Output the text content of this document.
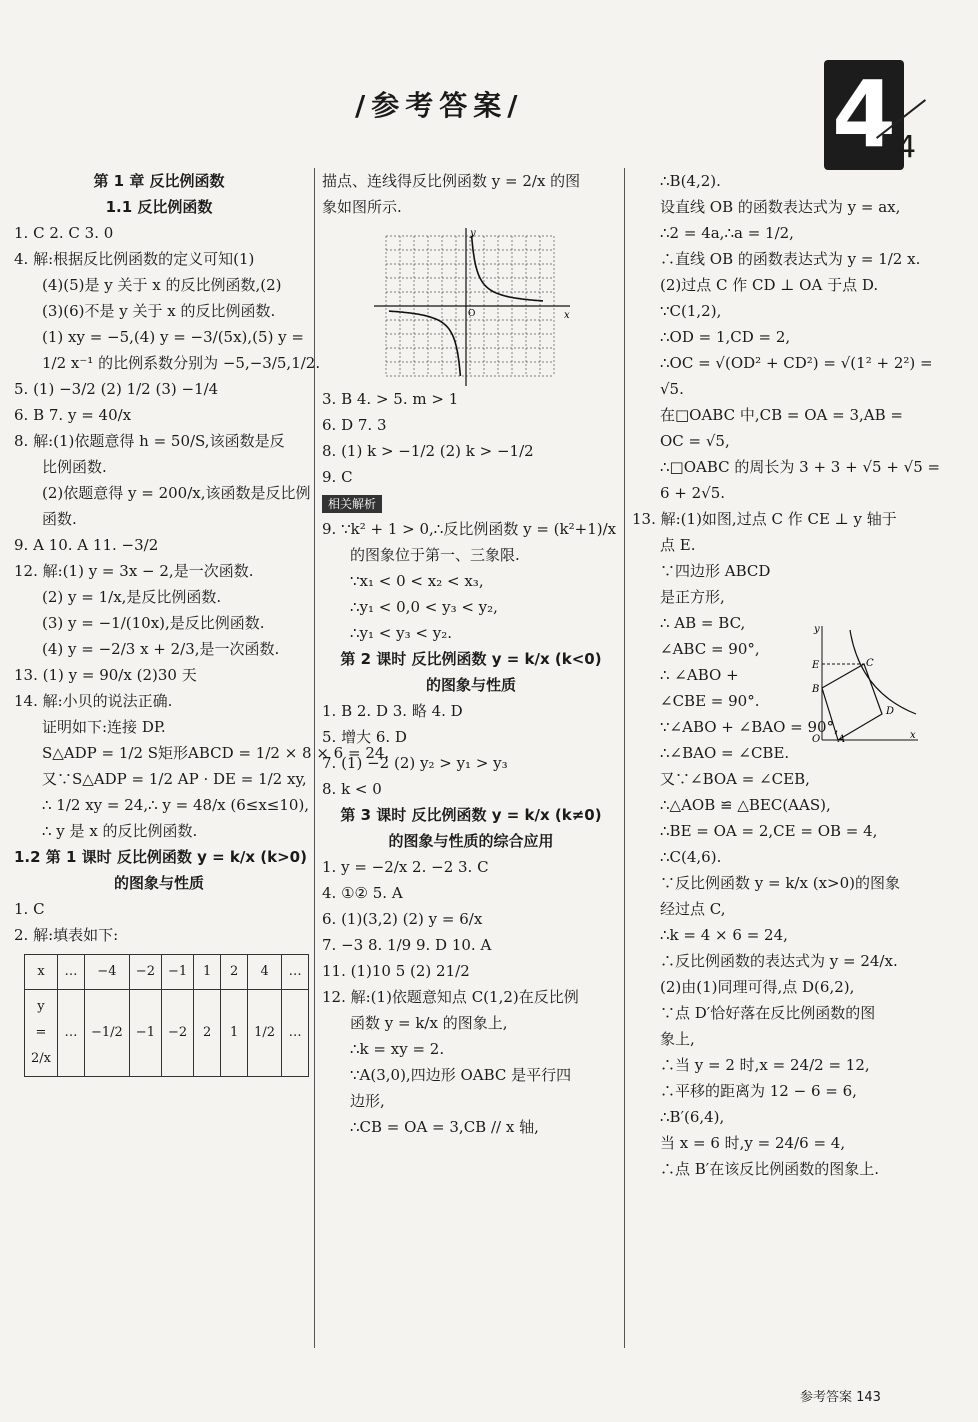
/参考答案/	4 4
第 1 章 反比例函数
1.1 反比例函数
1. C 2. C 3. 0
4. 解:根据反比例函数的定义可知(1)
(4)(5)是 y 关于 x 的反比例函数,(2)
(3)(6)不是 y 关于 x 的反比例函数.
(1) xy = −5,(4) y = −3/(5x),(5) y =
1/2 x⁻¹ 的比例系数分别为 −5,−3/5,1/2.
5. (1) −3/2 (2) 1/2 (3) −1/4
6. B 7. y = 40/x
8. 解:(1)依题意得 h = 50/S,该函数是反
比例函数.
(2)依题意得 y = 200/x,该函数是反比例
函数.
9. A 10. A 11. −3/2
12. 解:(1) y = 3x − 2,是一次函数.
(2) y = 1/x,是反比例函数.
(3) y = −1/(10x),是反比例函数.
(4) y = −2/3 x + 2/3,是一次函数.
13. (1) y = 90/x (2)30 天
14. 解:小贝的说法正确.
证明如下:连接 DP.
S△ADP = 1/2 S矩形ABCD = 1/2 × 8 × 6 = 24.
又∵S△ADP = 1/2 AP · DE = 1/2 xy,
∴ 1/2 xy = 24,∴ y = 48/x (6≤x≤10),
∴ y 是 x 的反比例函数.
1.2 第 1 课时 反比例函数 y = k/x (k>0)
的图象与性质
1. C
2. 解:填表如下:
x	…	−4	−2	−1	1	2	4	…
y = 2/x	…	−1/2	−1	−2	2	1	1/2	…
描点、连线得反比例函数 y = 2/x 的图
象如图所示.
y
x
O
3. B 4. > 5. m > 1
6. D 7. 3
8. (1) k > −1/2 (2) k > −1/2
9. C
相关解析
9. ∵k² + 1 > 0,∴反比例函数 y = (k²+1)/x
的图象位于第一、三象限.
∵x₁ < 0 < x₂ < x₃,
∴y₁ < 0,0 < y₃ < y₂,
∴y₁ < y₃ < y₂.
第 2 课时 反比例函数 y = k/x (k<0)
的图象与性质
1. B 2. D 3. 略 4. D
5. 增大 6. D
7. (1) −2 (2) y₂ > y₁ > y₃
8. k < 0
第 3 课时 反比例函数 y = k/x (k≠0)
的图象与性质的综合应用
1. y = −2/x 2. −2 3. C
4. ①② 5. A
6. (1)(3,2) (2) y = 6/x
7. −3 8. 1/9 9. D 10. A
11. (1)10 5 (2) 21/2
12. 解:(1)依题意知点 C(1,2)在反比例
函数 y = k/x 的图象上,
∴k = xy = 2.
∵A(3,0),四边形 OABC 是平行四
边形,
∴CB = OA = 3,CB // x 轴,
∴B(4,2).
设直线 OB 的函数表达式为 y = ax,
∴2 = 4a,∴a = 1/2,
∴直线 OB 的函数表达式为 y = 1/2 x.
(2)过点 C 作 CD ⊥ OA 于点 D.
∵C(1,2),
∴OD = 1,CD = 2,
∴OC = √(OD² + CD²) = √(1² + 2²) =
√5.
在□OABC 中,CB = OA = 3,AB =
OC = √5,
∴□OABC 的周长为 3 + 3 + √5 + √5 =
6 + 2√5.
13. 解:(1)如图,过点 C 作 CE ⊥ y 轴于
点 E.
∵四边形 ABCD
是正方形,
∴ AB = BC,
∠ABC = 90°,
∴ ∠ABO +
∠CBE = 90°.
∵∠ABO + ∠BAO = 90°,
∴∠BAO = ∠CBE.
又∵∠BOA = ∠CEB,
∴△AOB ≌ △BEC(AAS),
∴BE = OA = 2,CE = OB = 4,
∴C(4,6).
∵反比例函数 y = k/x (x>0)的图象
经过点 C,
∴k = 4 × 6 = 24,
∴反比例函数的表达式为 y = 24/x.
(2)由(1)同理可得,点 D(6,2),
∵点 D′恰好落在反比例函数的图
象上,
∴当 y = 2 时,x = 24/2 = 12,
∴平移的距离为 12 − 6 = 6,
∴B′(6,4),
当 x = 6 时,y = 24/6 = 4,
∴点 B′在该反比例函数的图象上.
y
E	C
B
D
O A	x
参考答案 143
